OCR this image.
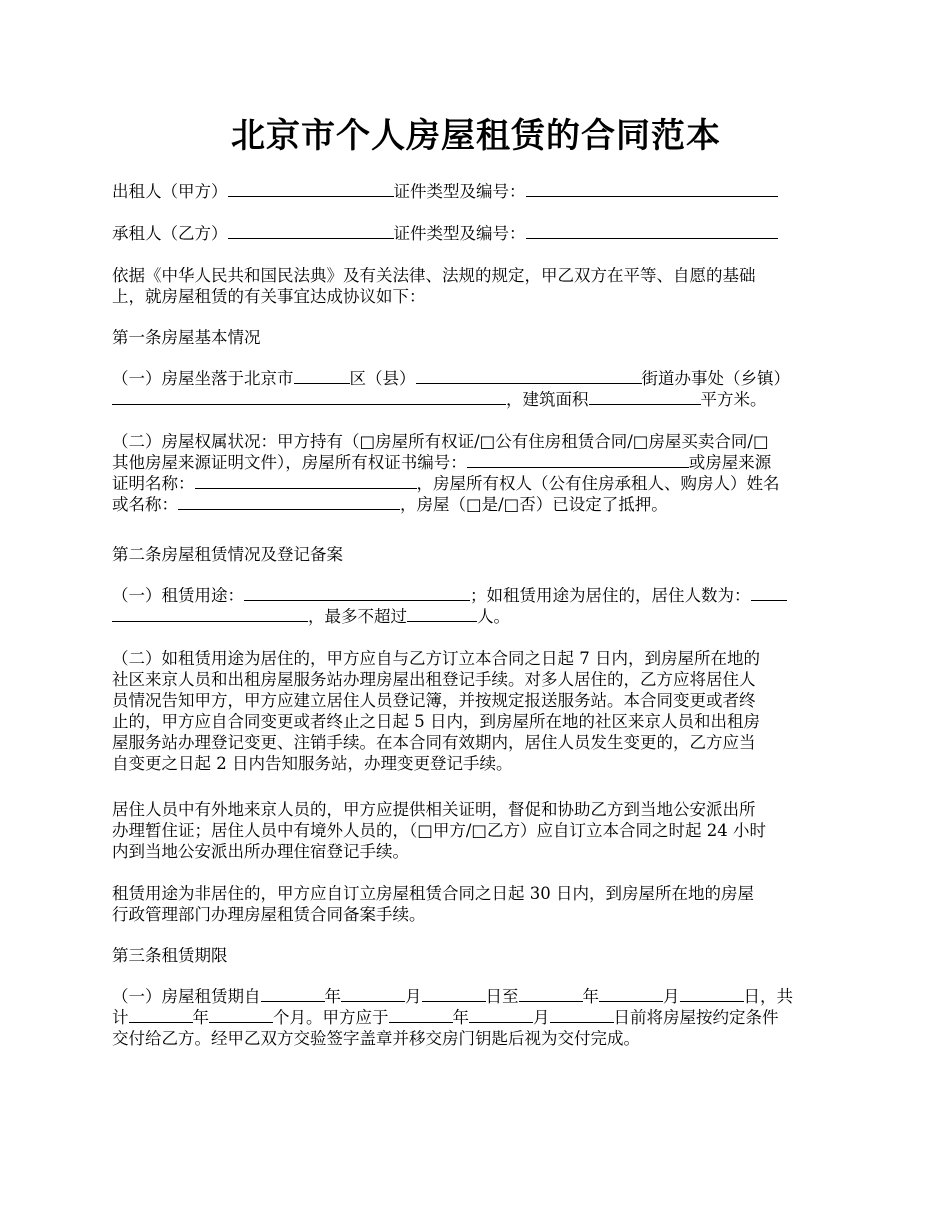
北京市个人房屋租赁的合同范本
出租人（甲方）	证件类型及编号：
承租人（乙方）	证件类型及编号：
依据《中华人民共和国民法典》及有关法律、法规的规定，甲乙双方在平等、自愿的基础
上，就房屋租赁的有关事宜达成协议如下：
第一条房屋基本情况
（一）房屋坐落于北京市	区（县）	街道办事处（乡镇）
，建筑面积	平方米。
（二）房屋权属状况：甲方持有（□房屋所有权证/□公有住房租赁合同/□房屋买卖合同/□
其他房屋来源证明文件），房屋所有权证书编号：	或房屋来源
证明名称：	，房屋所有权人（公有住房承租人、购房人）姓名
或名称：	，房屋（□是/□否）已设定了抵押。
第二条房屋租赁情况及登记备案
（一）租赁用途：	；如租赁用途为居住的，居住人数为：
，最多不超过	人。
（二）如租赁用途为居住的，甲方应自与乙方订立本合同之日起 7 日内，到房屋所在地的
社区来京人员和出租房屋服务站办理房屋出租登记手续。对多人居住的，乙方应将居住人
员情况告知甲方，甲方应建立居住人员登记簿，并按规定报送服务站。本合同变更或者终
止的，甲方应自合同变更或者终止之日起 5 日内，到房屋所在地的社区来京人员和出租房
屋服务站办理登记变更、注销手续。在本合同有效期内，居住人员发生变更的，乙方应当
自变更之日起 2 日内告知服务站，办理变更登记手续。
居住人员中有外地来京人员的，甲方应提供相关证明，督促和协助乙方到当地公安派出所
办理暂住证；居住人员中有境外人员的，（□甲方/□乙方）应自订立本合同之时起 24 小时
内到当地公安派出所办理住宿登记手续。
租赁用途为非居住的，甲方应自订立房屋租赁合同之日起 30 日内，到房屋所在地的房屋
行政管理部门办理房屋租赁合同备案手续。
第三条租赁期限
（一）房屋租赁期自	年	月	日至	年	月	日，共
计	年	个月。甲方应于	年	月	日前将房屋按约定条件
交付给乙方。经甲乙双方交验签字盖章并移交房门钥匙后视为交付完成。
